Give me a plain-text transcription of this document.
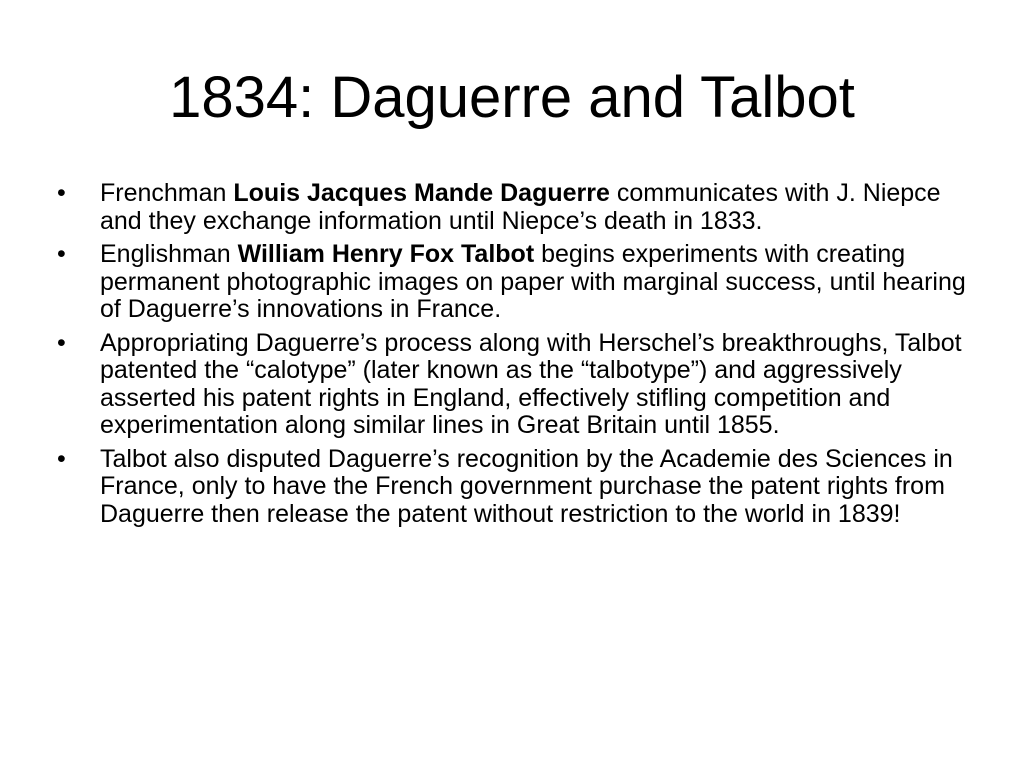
1834: Daguerre and Talbot
•	Frenchman Louis Jacques Mande Daguerre communicates with J. Niepce and they exchange information until Niepce’s death in 1833.
•	Englishman William Henry Fox Talbot begins experiments with creating permanent photographic images on paper with marginal success, until hearing of Daguerre’s innovations in France.
•	Appropriating Daguerre’s process along with Herschel’s breakthroughs, Talbot patented the “calotype” (later known as the “talbotype”) and aggressively asserted his patent rights in England, effectively stifling competition and experimentation along similar lines in Great Britain until 1855.
•	Talbot also disputed Daguerre’s recognition by the Academie des Sciences in France, only to have the French government purchase the patent rights from Daguerre then release the patent without restriction to the world in 1839!
